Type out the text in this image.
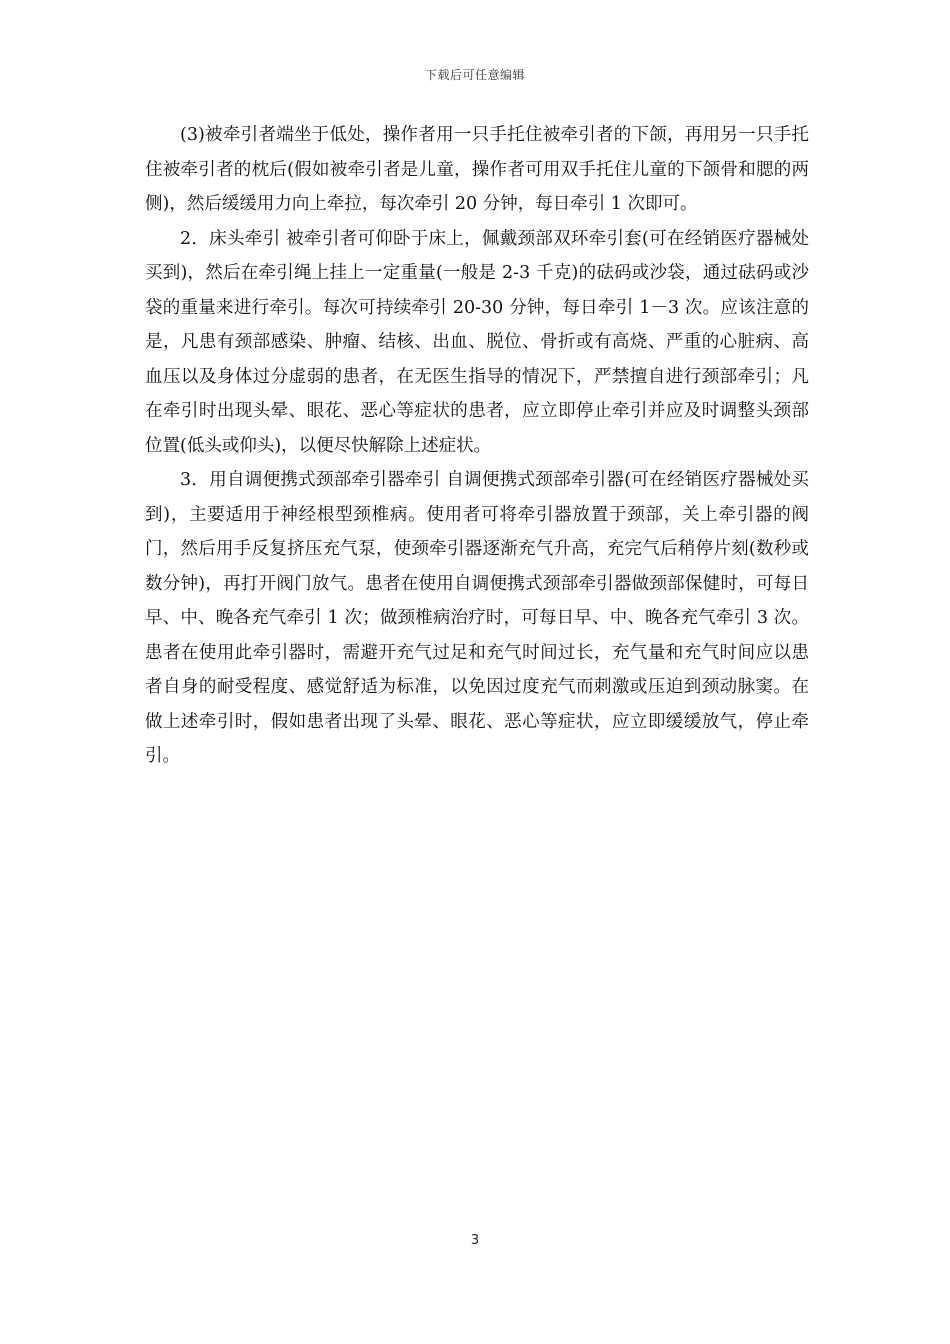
下载后可任意编辑

(3)被牵引者端坐于低处，操作者用一只手托住被牵引者的下颌，再用另一只手托住被牵引者的枕后(假如被牵引者是儿童，操作者可用双手托住儿童的下颌骨和腮的两侧)，然后缓缓用力向上牵拉，每次牵引 20 分钟，每日牵引 1 次即可。

2．床头牵引 被牵引者可仰卧于床上，佩戴颈部双环牵引套(可在经销医疗器械处买到)，然后在牵引绳上挂上一定重量(一般是 2-3 千克)的砝码或沙袋，通过砝码或沙袋的重量来进行牵引。每次可持续牵引 20-30 分钟，每日牵引 1－3 次。应该注意的是，凡患有颈部感染、肿瘤、结核、出血、脱位、骨折或有高烧、严重的心脏病、高血压以及身体过分虚弱的患者，在无医生指导的情况下，严禁擅自进行颈部牵引；凡在牵引时出现头晕、眼花、恶心等症状的患者，应立即停止牵引并应及时调整头颈部位置(低头或仰头)，以便尽快解除上述症状。

3．用自调便携式颈部牵引器牵引 自调便携式颈部牵引器(可在经销医疗器械处买到)，主要适用于神经根型颈椎病。使用者可将牵引器放置于颈部，关上牵引器的阀门，然后用手反复挤压充气泵，使颈牵引器逐渐充气升高，充完气后稍停片刻(数秒或数分钟)，再打开阀门放气。患者在使用自调便携式颈部牵引器做颈部保健时，可每日早、中、晚各充气牵引 1 次；做颈椎病治疗时，可每日早、中、晚各充气牵引 3 次。患者在使用此牵引器时，需避开充气过足和充气时间过长，充气量和充气时间应以患者自身的耐受程度、感觉舒适为标准，以免因过度充气而刺激或压迫到颈动脉窦。在做上述牵引时，假如患者出现了头晕、眼花、恶心等症状，应立即缓缓放气，停止牵引。

3
